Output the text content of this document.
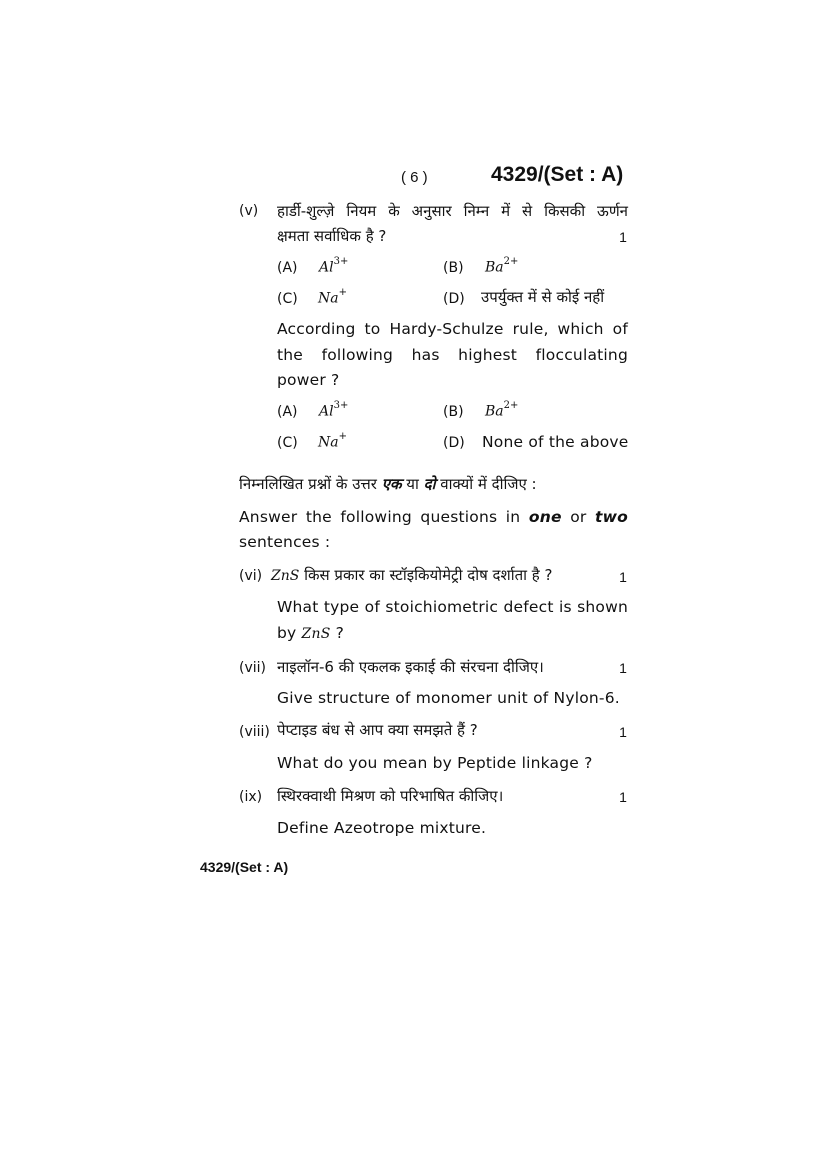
( 6 )	4329/(Set : A)
(v) हार्डी-शुल्ज़े नियम के अनुसार निम्न में से किसकी ऊर्णन
क्षमता सर्वाधिक है ?	1
(A) $Al^{3+}$	(B) $Ba^{2+}$
(C) Na+	(D) उपर्युक्त में से कोई नहीं
According to Hardy-Schulze rule, which of
the following has highest flocculating
power ?
(A) $Al^{3+}$	(B) $Ba^{2+}$
(C) Na+	(D) None of the above
निम्नलिखित प्रश्नों के उत्तर एक या दो वाक्यों में दीजिए :
Answer the following questions in one or two
sentences :
(vi) ZnS किस प्रकार का स्टॉइकियोमेट्री दोष दर्शाता है ?	1
What type of stoichiometric defect is shown
by ZnS ?
(vii) नाइलॉन-6 की एकलक इकाई की संरचना दीजिए।	1
Give structure of monomer unit of Nylon-6.
(viii) पेप्टाइड बंध से आप क्या समझते हैं ?	1
What do you mean by Peptide linkage ?
(ix) स्थिरक्वाथी मिश्रण को परिभाषित कीजिए।	1
Define Azeotrope mixture.
4329/(Set : A)
